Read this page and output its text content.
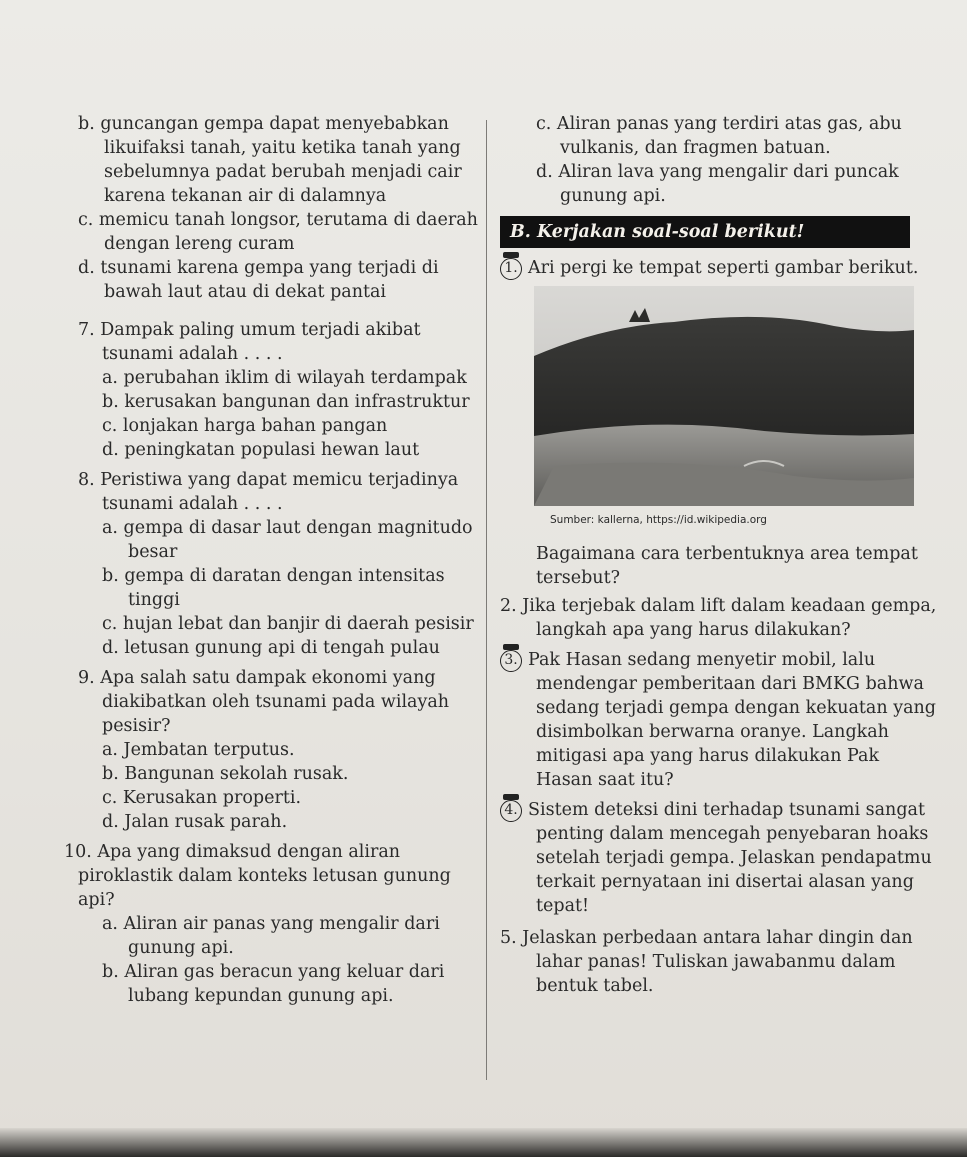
b. guncangan gempa dapat menyebabkan likuifaksi tanah, yaitu ketika tanah yang sebelumnya padat berubah menjadi cair karena tekanan air di dalamnya

c. memicu tanah longsor, terutama di daerah dengan lereng curam

d. tsunami karena gempa yang terjadi di bawah laut atau di dekat pantai

7. Dampak paling umum terjadi akibat tsunami adalah . . . .

a. perubahan iklim di wilayah terdampak

b. kerusakan bangunan dan infrastruktur

c. lonjakan harga bahan pangan

d. peningkatan populasi hewan laut

8. Peristiwa yang dapat memicu terjadinya tsunami adalah . . . .

a. gempa di dasar laut dengan magnitudo besar

b. gempa di daratan dengan intensitas tinggi

c. hujan lebat dan banjir di daerah pesisir

d. letusan gunung api di tengah pulau

9. Apa salah satu dampak ekonomi yang diakibatkan oleh tsunami pada wilayah pesisir?

a. Jembatan terputus.

b. Bangunan sekolah rusak.

c. Kerusakan properti.

d. Jalan rusak parah.

10. Apa yang dimaksud dengan aliran piroklastik dalam konteks letusan gunung api?

a. Aliran air panas yang mengalir dari gunung api.

b. Aliran gas beracun yang keluar dari lubang kepundan gunung api.

c. Aliran panas yang terdiri atas gas, abu vulkanis, dan fragmen batuan.

d. Aliran lava yang mengalir dari puncak gunung api.

B. Kerjakan soal-soal berikut!

1. Ari pergi ke tempat seperti gambar berikut.

Sumber: kallerna, https://id.wikipedia.org

Bagaimana cara terbentuknya area tempat tersebut?

2. Jika terjebak dalam lift dalam keadaan gempa, langkah apa yang harus dilakukan?

3. Pak Hasan sedang menyetir mobil, lalu mendengar pemberitaan dari BMKG bahwa sedang terjadi gempa dengan kekuatan yang disimbolkan berwarna oranye. Langkah mitigasi apa yang harus dilakukan Pak Hasan saat itu?

4. Sistem deteksi dini terhadap tsunami sangat penting dalam mencegah penyebaran hoaks setelah terjadi gempa. Jelaskan pendapatmu terkait pernyataan ini disertai alasan yang tepat!

5. Jelaskan perbedaan antara lahar dingin dan lahar panas! Tuliskan jawabanmu dalam bentuk tabel.
